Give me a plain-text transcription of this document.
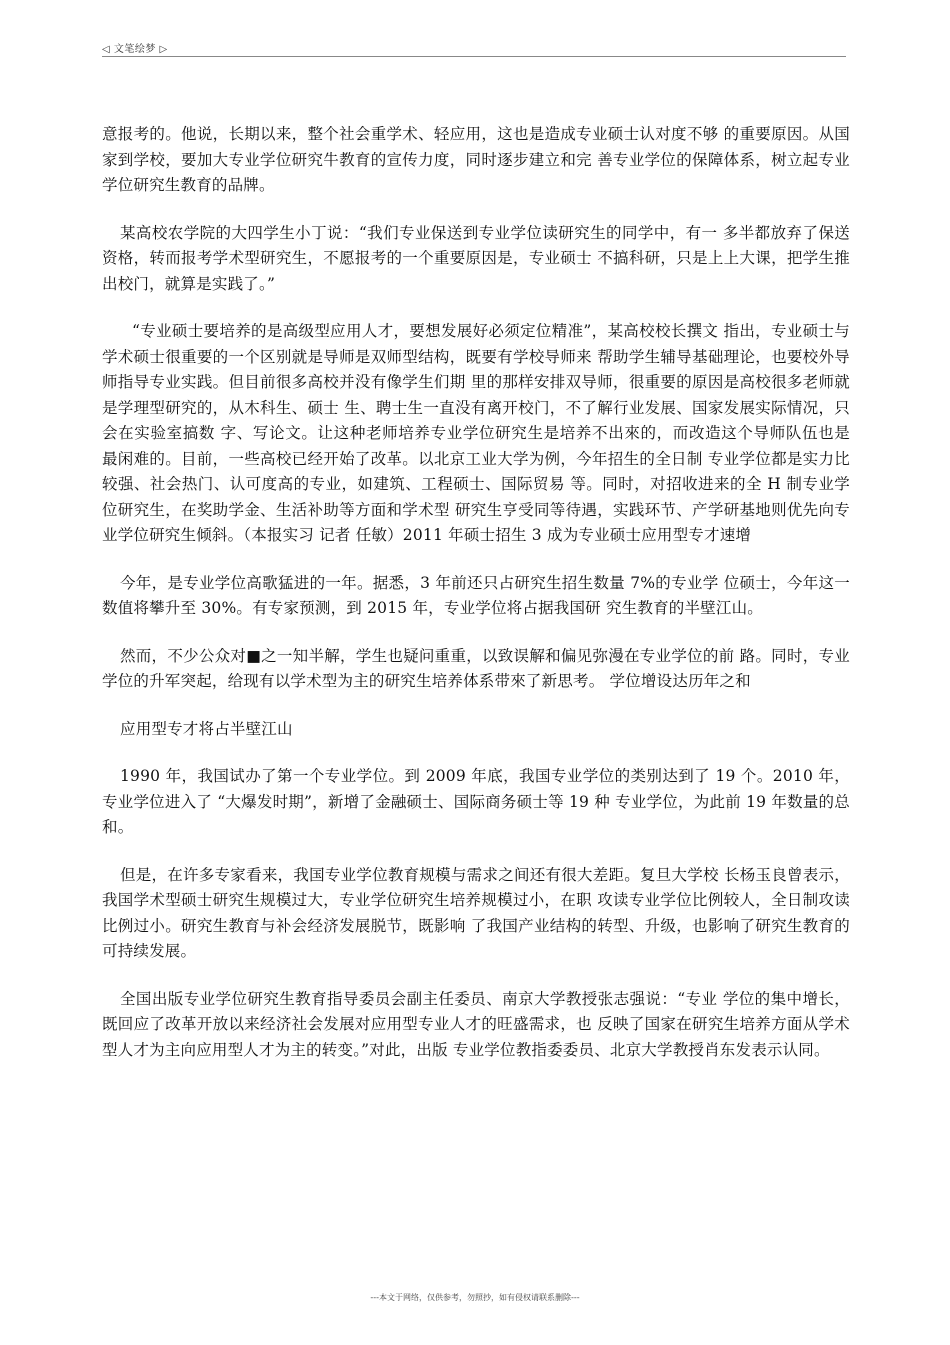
◁ 文笔绘梦 ▷

意报考的。他说，长期以来，整个社会重学术、轻应用，这也是造成专业硕士认对度不够 的重要原因。从国家到学校，要加大专业学位研究牛教育的宣传力度，同时逐步建立和完 善专业学位的保障体系，树立起专业学位研究生教育的品牌。

某高校农学院的大四学生小丁说：“我们专业保送到专业学位读研究生的同学中，有一 多半都放弃了保送资格，转而报考学术型研究生，不愿报考的一个重要原因是，专业硕士 不搞科研，只是上上大课，把学生推出校门，就算是实践了。”

“专业硕士要培养的是高级型应用人才，要想发展好必须定位精准”，某高校校长撰文 指出，专业硕士与学术硕士很重要的一个区别就是导师是双师型结构，既要有学校导师来 帮助学生辅导基础理论，也要校外导师指导专业实践。但目前很多高校并没有像学生们期 里的那样安排双导师，很重要的原因是高校很多老师就是学理型研究的，从木科生、硕士 生、聘士生一直没有离开校门，不了解行业发展、国家发展实际情况，只会在实验室搞数 字、写论文。让这种老师培养专业学位研究生是培养不出來的，而改造这个导师队伍也是 最闲难的。目前，一些高校已经开始了改革。以北京工业大学为例，今年招生的全日制 专业学位都是实力比较强、社会热门、认可度高的专业，如建筑、工程硕士、国际贸易 等。同时，对招收进来的全 H 制专业学位研究生，在奖助学金、生活补助等方面和学术型 研究生亨受同等待遇，实践环节、产学研基地则优先向专业学位研究生倾斜。（本报实习 记者 任敏）2011 年硕士招生 3 成为专业硕士应用型专才速增

今年，是专业学位高歌猛进的一年。据悉，3 年前还只占研究生招生数量 7%的专业学 位硕士，今年这一数值将攀升至 30%。有专家预测，到 2015 年，专业学位将占据我国研 究生教育的半壁江山。

然而，不少公众对■之一知半解，学生也疑问重重，以致误解和偏见弥漫在专业学位的前 路。同时，专业学位的升军突起，给现有以学术型为主的研究生培养体系带來了新思考。 学位增设达历年之和

应用型专才将占半壁江山

1990 年，我国试办了第一个专业学位。到 2009 年底，我国专业学位的类别达到了 19 个。2010 年，专业学位进入了 “大爆发时期”，新增了金融硕士、国际商务硕士等 19 种 专业学位，为此前 19 年数量的总和。

但是，在许多专家看来，我国专业学位教育规模与需求之间还有很大差距。复旦大学校 长杨玉良曾表示，我国学术型硕士研究生规模过大，专业学位研究生培养规模过小，在职 攻读专业学位比例较人，全日制攻读比例过小。研究生教育与补会经济发展脱节，既影响 了我国产业结构的转型、升级，也影响了研究生教育的可持续发展。

全国出版专业学位研究生教育指导委员会副主任委员、南京大学教授张志强说：“专业 学位的集中增长，既回应了改革开放以来经济社会发展对应用型专业人才的旺盛需求，也 反映了国家在研究生培养方面从学术型人才为主向应用型人才为主的转变。”对此，出版 专业学位教指委委员、北京大学教授肖东发表示认同。

---本文于网络，仅供参考，勿照抄，如有侵权请联系删除---
